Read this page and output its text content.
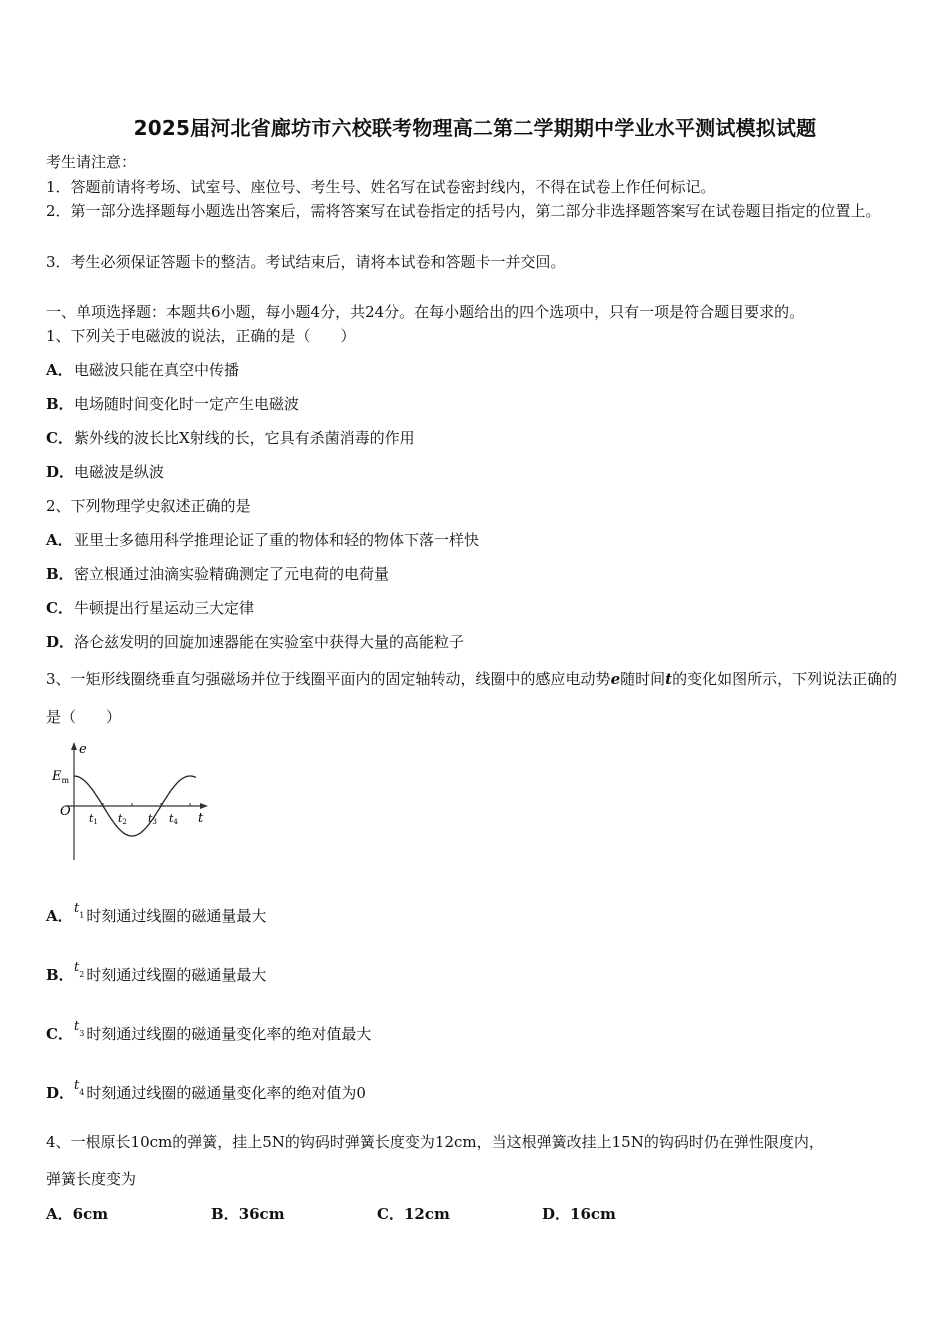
2025届河北省廊坊市六校联考物理高二第二学期期中学业水平测试模拟试题
考生请注意：
1．答题前请将考场、试室号、座位号、考生号、姓名写在试卷密封线内，不得在试卷上作任何标记。
2．第一部分选择题每小题选出答案后，需将答案写在试卷指定的括号内，第二部分非选择题答案写在试卷题目指定的位置上。
3．考生必须保证答题卡的整洁。考试结束后，请将本试卷和答题卡一并交回。
一、单项选择题：本题共6小题，每小题4分，共24分。在每小题给出的四个选项中，只有一项是符合题目要求的。
1、下列关于电磁波的说法，正确的是（　　）
A．电磁波只能在真空中传播
B．电场随时间变化时一定产生电磁波
C．紫外线的波长比X射线的长，它具有杀菌消毒的作用
D．电磁波是纵波
2、下列物理学史叙述正确的是
A．亚里士多德用科学推理论证了重的物体和轻的物体下落一样快
B．密立根通过油滴实验精确测定了元电荷的电荷量
C．牛顿提出行星运动三大定律
D．洛仑兹发明的回旋加速器能在实验室中获得大量的高能粒子
3、一矩形线圈绕垂直匀强磁场并位于线圈平面内的固定轴转动，线圈中的感应电动势e随时间t的变化如图所示，下列说法正确的是（　　）
e
$E_m$
O	t
t1 t2 t3 t4
A．$t_1$ 时刻通过线圈的磁通量最大
B．$t_2$ 时刻通过线圈的磁通量最大
C．$t_3$ 时刻通过线圈的磁通量变化率的绝对值最大
D．$t_4$ 时刻通过线圈的磁通量变化率的绝对值为0
4、一根原长10cm的弹簧，挂上5N的钩码时弹簧长度变为12cm，当这根弹簧改挂上15N的钩码时仍在弹性限度内，
弹簧长度变为
A．6cm	B．36cm	C．12cm	D．16cm
